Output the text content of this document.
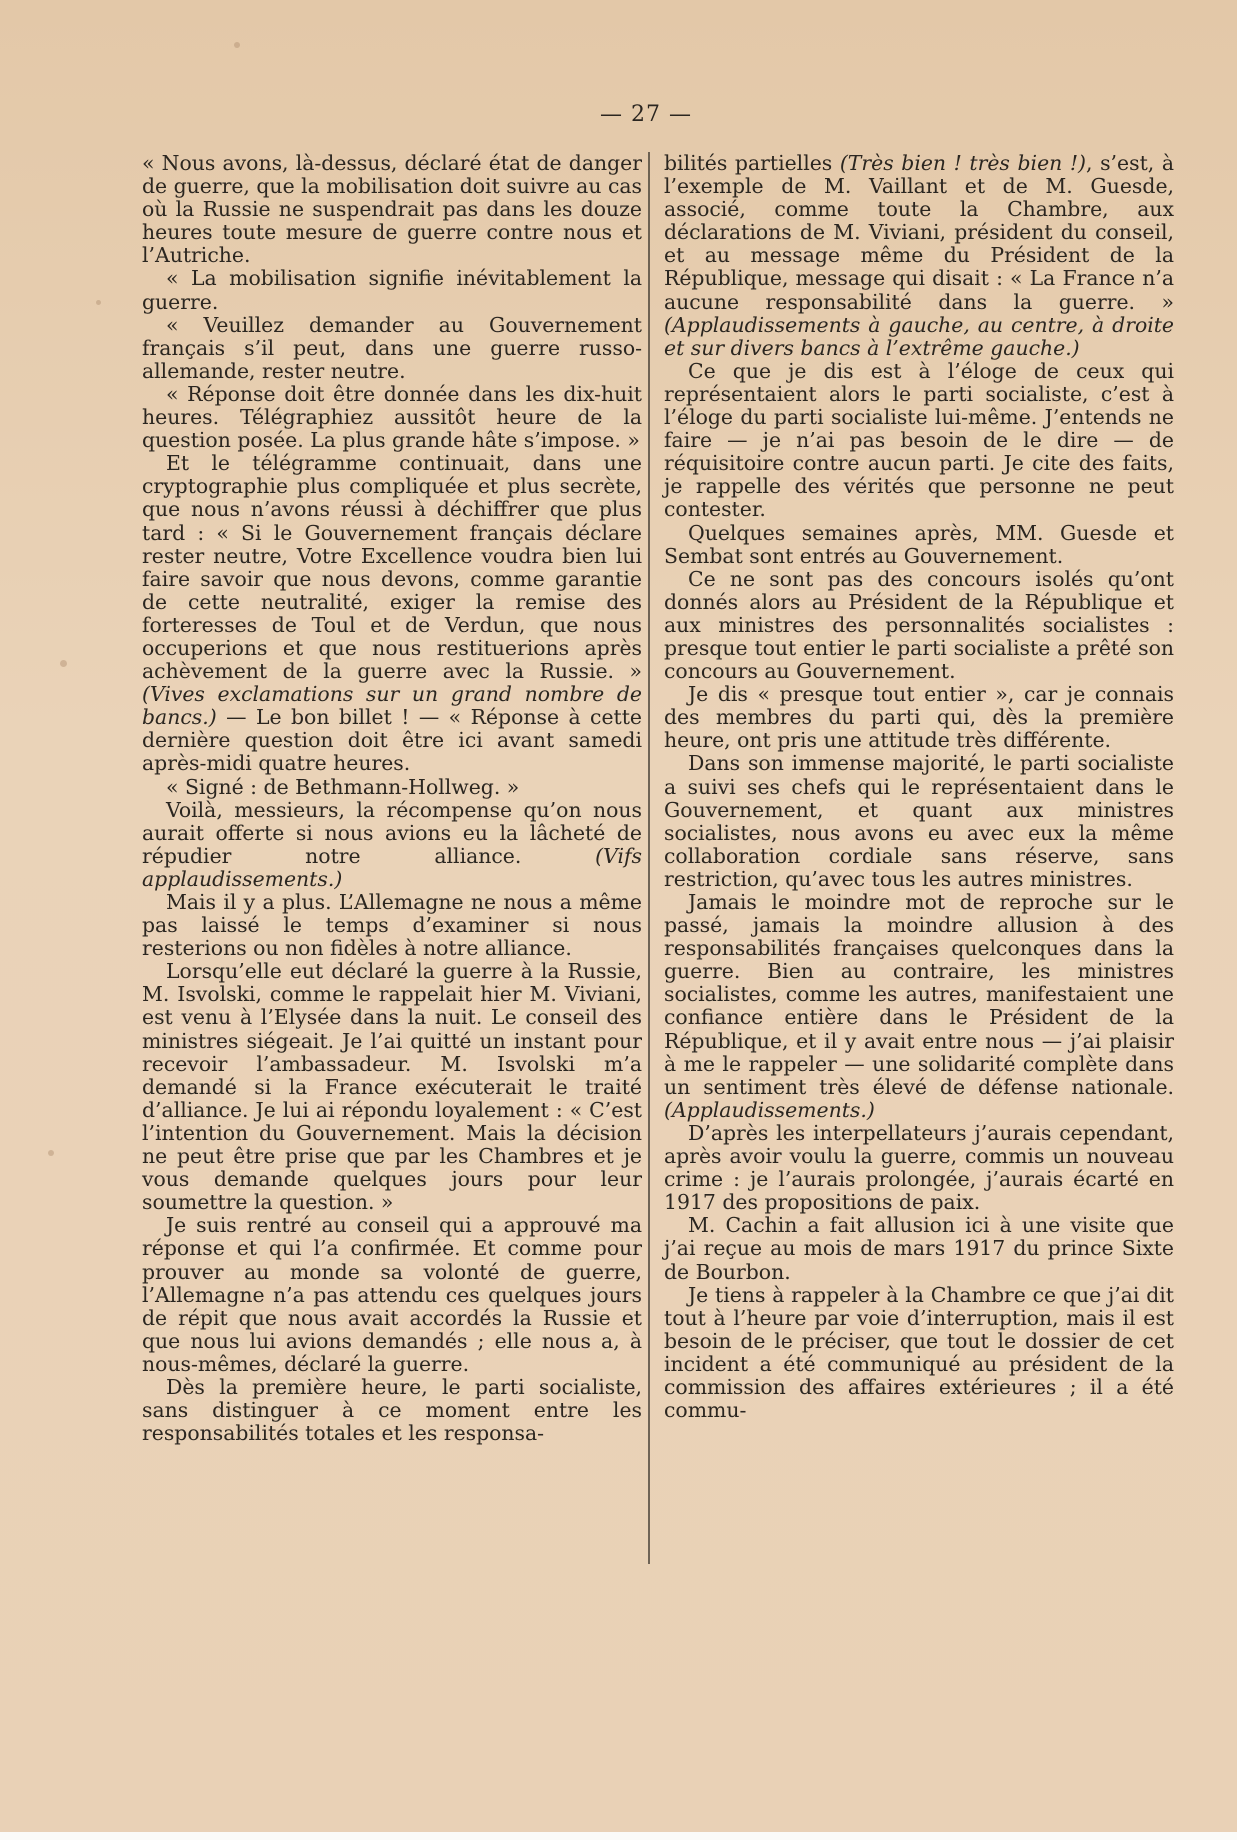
— 27 —

« Nous avons, là-dessus, déclaré état de danger de guerre, que la mobilisation doit suivre au cas où la Russie ne suspendrait pas dans les douze heures toute mesure de guerre contre nous et l’Autriche.

« La mobilisation signifie inévitablement la guerre.

« Veuillez demander au Gouvernement français s’il peut, dans une guerre russo-allemande, rester neutre.

« Réponse doit être donnée dans les dix-huit heures. Télégraphiez aussitôt heure de la question posée. La plus grande hâte s’impose. »

Et le télégramme continuait, dans une cryptographie plus compliquée et plus secrète, que nous n’avons réussi à déchiffrer que plus tard : « Si le Gouvernement français déclare rester neutre, Votre Excellence voudra bien lui faire savoir que nous devons, comme garantie de cette neutralité, exiger la remise des forteresses de Toul et de Verdun, que nous occuperions et que nous restituerions après achèvement de la guerre avec la Russie. » (Vives exclamations sur un grand nombre de bancs.) — Le bon billet ! — « Réponse à cette dernière question doit être ici avant samedi après-midi quatre heures.

« Signé : de Bethmann-Hollweg. »

Voilà, messieurs, la récompense qu’on nous aurait offerte si nous avions eu la lâcheté de répudier notre alliance. (Vifs applaudissements.)

Mais il y a plus. L’Allemagne ne nous a même pas laissé le temps d’examiner si nous resterions ou non fidèles à notre alliance.

Lorsqu’elle eut déclaré la guerre à la Russie, M. Isvolski, comme le rappelait hier M. Viviani, est venu à l’Elysée dans la nuit. Le conseil des ministres siégeait. Je l’ai quitté un instant pour recevoir l’ambassadeur. M. Isvolski m’a demandé si la France exécuterait le traité d’alliance. Je lui ai répondu loyalement : « C’est l’intention du Gouvernement. Mais la décision ne peut être prise que par les Chambres et je vous demande quelques jours pour leur soumettre la question. »

Je suis rentré au conseil qui a approuvé ma réponse et qui l’a confirmée. Et comme pour prouver au monde sa volonté de guerre, l’Allemagne n’a pas attendu ces quelques jours de répit que nous avait accordés la Russie et que nous lui avions demandés ; elle nous a, à nous-mêmes, déclaré la guerre.

Dès la première heure, le parti socialiste, sans distinguer à ce moment entre les responsabilités totales et les responsa-

bilités partielles (Très bien ! très bien !), s’est, à l’exemple de M. Vaillant et de M. Guesde, associé, comme toute la Chambre, aux déclarations de M. Viviani, président du conseil, et au message même du Président de la République, message qui disait : « La France n’a aucune responsabilité dans la guerre. » (Applaudissements à gauche, au centre, à droite et sur divers bancs à l’extrême gauche.)

Ce que je dis est à l’éloge de ceux qui représentaient alors le parti socialiste, c’est à l’éloge du parti socialiste lui-même. J’entends ne faire — je n’ai pas besoin de le dire — de réquisitoire contre aucun parti. Je cite des faits, je rappelle des vérités que personne ne peut contester.

Quelques semaines après, MM. Guesde et Sembat sont entrés au Gouvernement.

Ce ne sont pas des concours isolés qu’ont donnés alors au Président de la République et aux ministres des personnalités socialistes : presque tout entier le parti socialiste a prêté son concours au Gouvernement.

Je dis « presque tout entier », car je connais des membres du parti qui, dès la première heure, ont pris une attitude très différente.

Dans son immense majorité, le parti socialiste a suivi ses chefs qui le représentaient dans le Gouvernement, et quant aux ministres socialistes, nous avons eu avec eux la même collaboration cordiale sans réserve, sans restriction, qu’avec tous les autres ministres.

Jamais le moindre mot de reproche sur le passé, jamais la moindre allusion à des responsabilités françaises quelconques dans la guerre. Bien au contraire, les ministres socialistes, comme les autres, manifestaient une confiance entière dans le Président de la République, et il y avait entre nous — j’ai plaisir à me le rappeler — une solidarité complète dans un sentiment très élevé de défense nationale. (Applaudissements.)

D’après les interpellateurs j’aurais cependant, après avoir voulu la guerre, commis un nouveau crime : je l’aurais prolongée, j’aurais écarté en 1917 des propositions de paix.

M. Cachin a fait allusion ici à une visite que j’ai reçue au mois de mars 1917 du prince Sixte de Bourbon.

Je tiens à rappeler à la Chambre ce que j’ai dit tout à l’heure par voie d’interruption, mais il est besoin de le préciser, que tout le dossier de cet incident a été communiqué au président de la commission des affaires extérieures ; il a été commu-
